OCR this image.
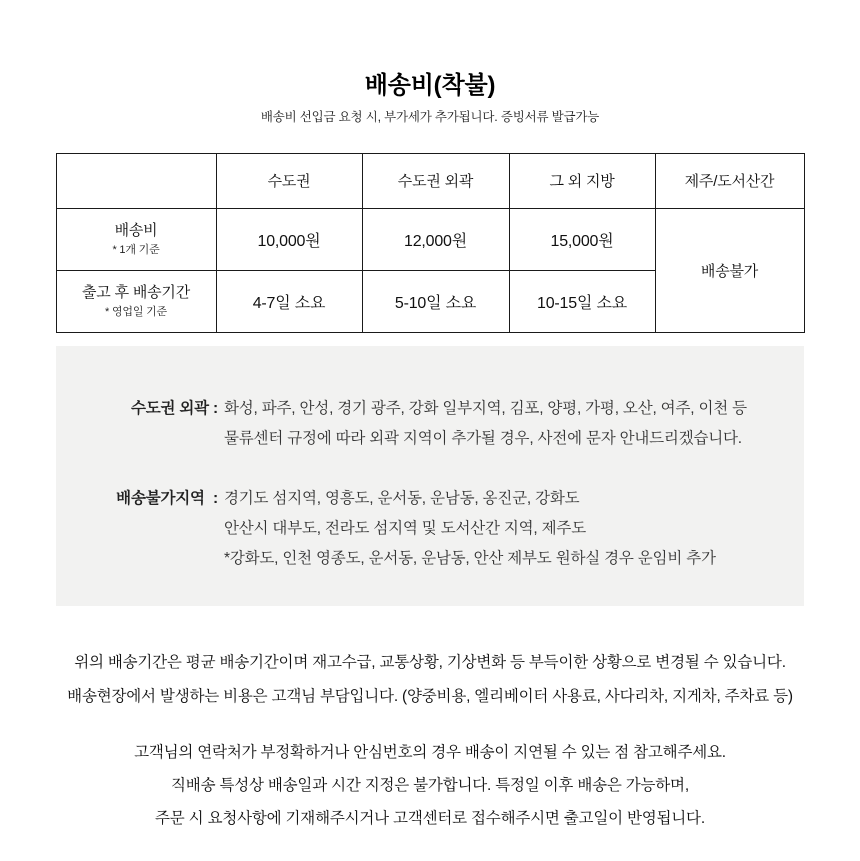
배송비(착불)
배송비 선입금 요청 시, 부가세가 추가됩니다. 증빙서류 발급가능
	수도권	수도권 외곽	그 외 지방	제주/도서산간

배송비
* 1개 기준	10,000원	12,000원	15,000원	배송불가

출고 후 배송기간
* 영업일 기준	4-7일 소요	5-10일 소요	10-15일 소요	
수도권 외곽 : 화성, 파주, 안성, 경기 광주, 강화 일부지역, 김포, 양평, 가평, 오산, 여주, 이천 등
물류센터 규정에 따라 외곽 지역이 추가될 경우, 사전에 문자 안내드리겠습니다.
배송불가지역  : 경기도 섬지역, 영흥도, 운서동, 운남동, 옹진군, 강화도
안산시 대부도, 전라도 섬지역 및 도서산간 지역, 제주도
*강화도, 인천 영종도, 운서동, 운남동, 안산 제부도 원하실 경우 운임비 추가
위의 배송기간은 평균 배송기간이며 재고수급, 교통상황, 기상변화 등 부득이한 상황으로 변경될 수 있습니다.
배송현장에서 발생하는 비용은 고객님 부담입니다. (양중비용, 엘리베이터 사용료, 사다리차, 지게차, 주차료 등)
고객님의 연락처가 부정확하거나 안심번호의 경우 배송이 지연될 수 있는 점 참고해주세요.
직배송 특성상 배송일과 시간 지정은 불가합니다. 특정일 이후 배송은 가능하며,
주문 시 요청사항에 기재해주시거나 고객센터로 접수해주시면 출고일이 반영됩니다.
